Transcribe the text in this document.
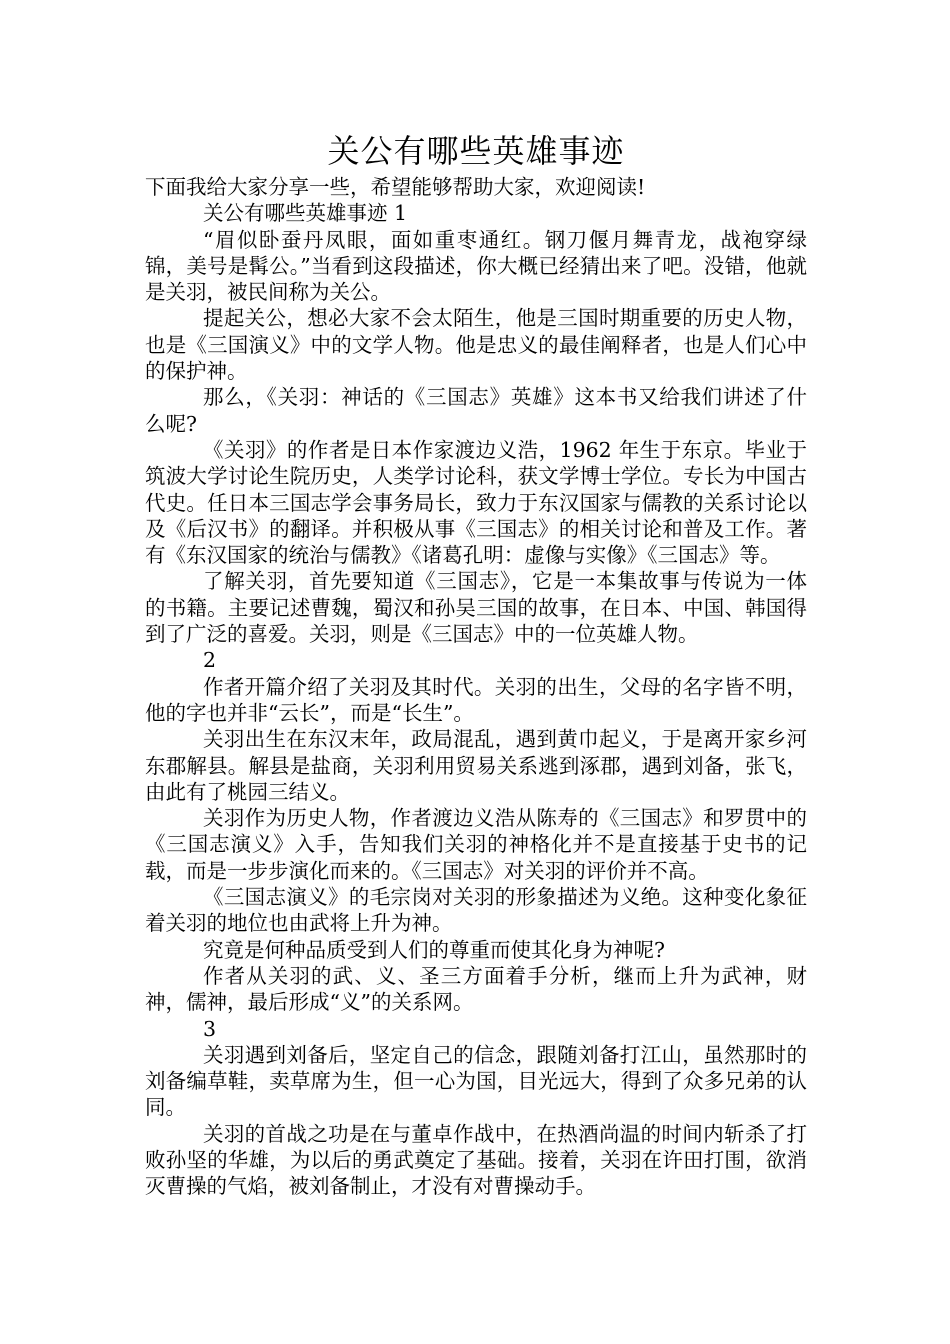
关公有哪些英雄事迹

下面我给大家分享一些，希望能够帮助大家，欢迎阅读!

关公有哪些英雄事迹 1

“眉似卧蚕丹凤眼，面如重枣通红。钢刀偃月舞青龙，战袍穿绿锦，美号是髯公。”当看到这段描述，你大概已经猜出来了吧。没错，他就是关羽，被民间称为关公。

提起关公，想必大家不会太陌生，他是三国时期重要的历史人物，也是《三国演义》中的文学人物。他是忠义的最佳阐释者，也是人们心中的保护神。

那么，《关羽：神话的《三国志》英雄》这本书又给我们讲述了什么呢?

《关羽》的作者是日本作家渡边义浩，1962 年生于东京。毕业于筑波大学讨论生院历史，人类学讨论科，获文学博士学位。专长为中国古代史。任日本三国志学会事务局长，致力于东汉国家与儒教的关系讨论以及《后汉书》的翻译。并积极从事《三国志》的相关讨论和普及工作。著有《东汉国家的统治与儒教》《诸葛孔明：虚像与实像》《三国志》等。

了解关羽，首先要知道《三国志》，它是一本集故事与传说为一体的书籍。主要记述曹魏，蜀汉和孙吴三国的故事，在日本、中国、韩国得到了广泛的喜爱。关羽，则是《三国志》中的一位英雄人物。

2

作者开篇介绍了关羽及其时代。关羽的出生，父母的名字皆不明，他的字也并非“云长”，而是“长生”。

关羽出生在东汉末年，政局混乱，遇到黄巾起义，于是离开家乡河东郡解县。解县是盐商，关羽利用贸易关系逃到涿郡，遇到刘备，张飞，由此有了桃园三结义。

关羽作为历史人物，作者渡边义浩从陈寿的《三国志》和罗贯中的《三国志演义》入手，告知我们关羽的神格化并不是直接基于史书的记载，而是一步步演化而来的。《三国志》对关羽的评价并不高。

《三国志演义》的毛宗岗对关羽的形象描述为义绝。这种变化象征着关羽的地位也由武将上升为神。

究竟是何种品质受到人们的尊重而使其化身为神呢?

作者从关羽的武、义、圣三方面着手分析，继而上升为武神，财神，儒神，最后形成“义”的关系网。

3

关羽遇到刘备后，坚定自己的信念，跟随刘备打江山，虽然那时的刘备编草鞋，卖草席为生，但一心为国，目光远大，得到了众多兄弟的认同。

关羽的首战之功是在与董卓作战中，在热酒尚温的时间内斩杀了打败孙坚的华雄，为以后的勇武奠定了基础。接着，关羽在许田打围，欲消灭曹操的气焰，被刘备制止，才没有对曹操动手。
